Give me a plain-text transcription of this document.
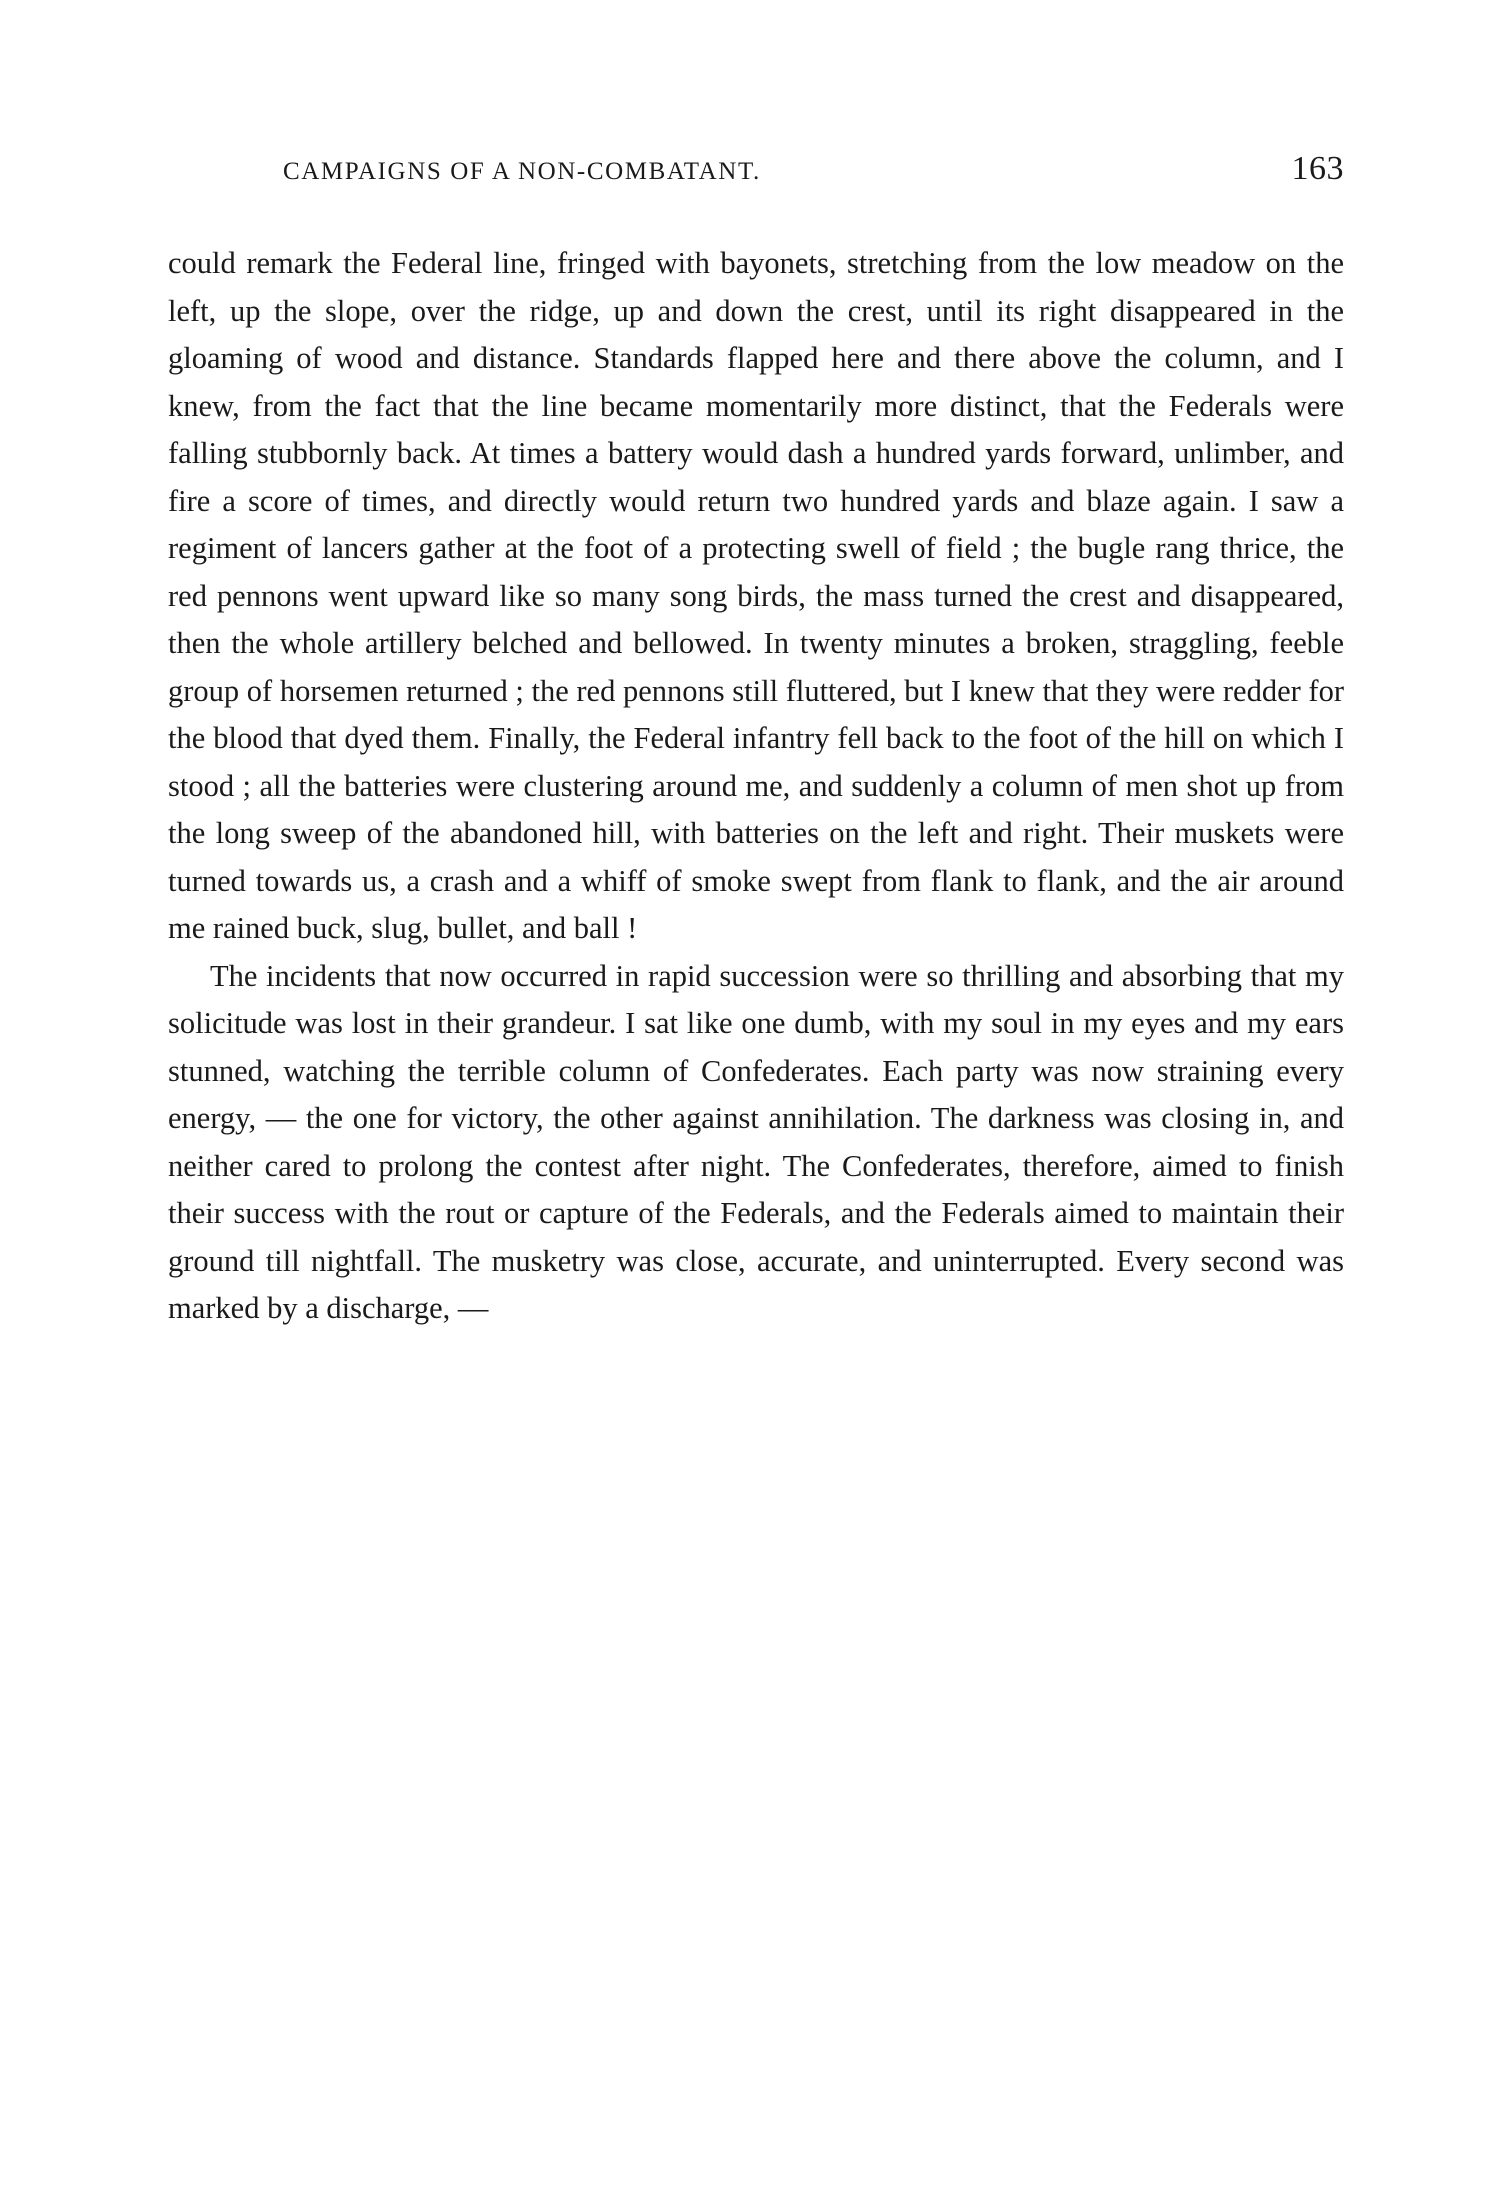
CAMPAIGNS OF A NON-COMBATANT.	163

could remark the Federal line, fringed with bayonets, stretching from the low meadow on the left, up the slope, over the ridge, up and down the crest, until its right disappeared in the gloaming of wood and distance. Standards flapped here and there above the column, and I knew, from the fact that the line became momentarily more distinct, that the Federals were falling stubbornly back. At times a battery would dash a hundred yards forward, unlimber, and fire a score of times, and directly would return two hundred yards and blaze again. I saw a regiment of lancers gather at the foot of a protecting swell of field ; the bugle rang thrice, the red pennons went upward like so many song birds, the mass turned the crest and disappeared, then the whole artillery belched and bellowed. In twenty minutes a broken, straggling, feeble group of horsemen returned ; the red pennons still fluttered, but I knew that they were redder for the blood that dyed them. Finally, the Federal infantry fell back to the foot of the hill on which I stood ; all the batteries were clustering around me, and suddenly a column of men shot up from the long sweep of the abandoned hill, with batteries on the left and right. Their muskets were turned towards us, a crash and a whiff of smoke swept from flank to flank, and the air around me rained buck, slug, bullet, and ball !

The incidents that now occurred in rapid succession were so thrilling and absorbing that my solicitude was lost in their grandeur. I sat like one dumb, with my soul in my eyes and my ears stunned, watching the terrible column of Confederates. Each party was now straining every energy, — the one for victory, the other against annihilation. The darkness was closing in, and neither cared to prolong the contest after night. The Confederates, therefore, aimed to finish their success with the rout or capture of the Federals, and the Federals aimed to maintain their ground till nightfall. The musketry was close, accurate, and uninterrupted. Every second was marked by a discharge, —
